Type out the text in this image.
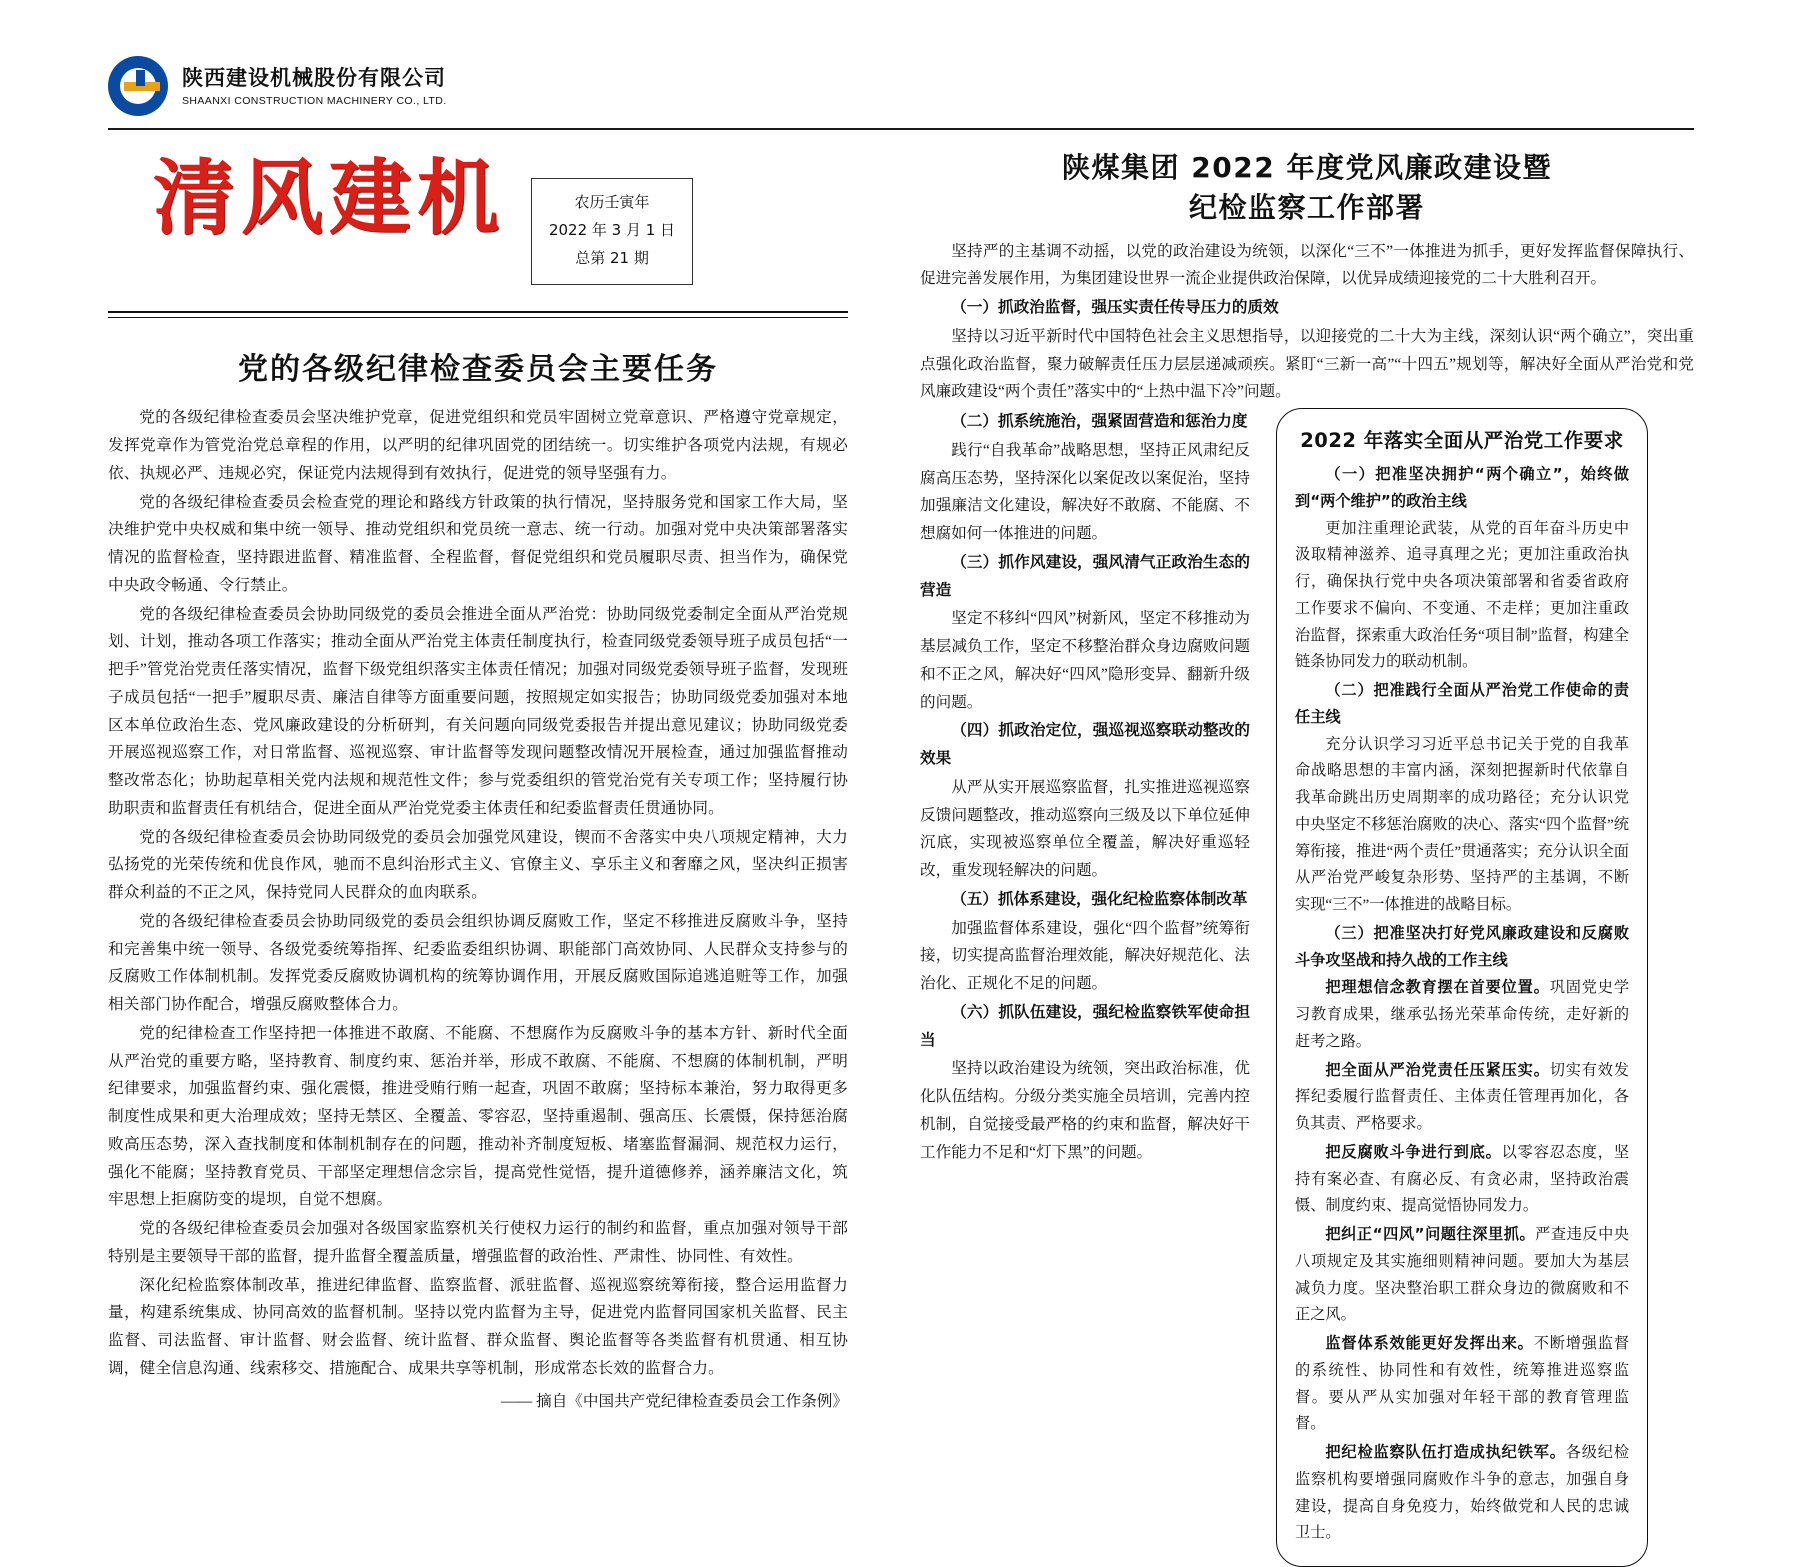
陕西建设机械股份有限公司
SHAANXI CONSTRUCTION MACHINERY CO., LTD.
清风建机	农历壬寅年
2022 年 3 月 1 日
总第 21 期
党的各级纪律检查委员会主要任务

党的各级纪律检查委员会坚决维护党章，促进党组织和党员牢固树立党章意识、严格遵守党章规定，发挥党章作为管党治党总章程的作用，以严明的纪律巩固党的团结统一。切实维护各项党内法规，有规必依、执规必严、违规必究，保证党内法规得到有效执行，促进党的领导坚强有力。

党的各级纪律检查委员会检查党的理论和路线方针政策的执行情况，坚持服务党和国家工作大局，坚决维护党中央权威和集中统一领导、推动党组织和党员统一意志、统一行动。加强对党中央决策部署落实情况的监督检查，坚持跟进监督、精准监督、全程监督，督促党组织和党员履职尽责、担当作为，确保党中央政令畅通、令行禁止。

党的各级纪律检查委员会协助同级党的委员会推进全面从严治党：协助同级党委制定全面从严治党规划、计划，推动各项工作落实；推动全面从严治党主体责任制度执行，检查同级党委领导班子成员包括“一把手”管党治党责任落实情况，监督下级党组织落实主体责任情况；加强对同级党委领导班子监督，发现班子成员包括“一把手”履职尽责、廉洁自律等方面重要问题，按照规定如实报告；协助同级党委加强对本地区本单位政治生态、党风廉政建设的分析研判，有关问题向同级党委报告并提出意见建议；协助同级党委开展巡视巡察工作，对日常监督、巡视巡察、审计监督等发现问题整改情况开展检查，通过加强监督推动整改常态化；协助起草相关党内法规和规范性文件；参与党委组织的管党治党有关专项工作；坚持履行协助职责和监督责任有机结合，促进全面从严治党党委主体责任和纪委监督责任贯通协同。

党的各级纪律检查委员会协助同级党的委员会加强党风建设，锲而不舍落实中央八项规定精神，大力弘扬党的光荣传统和优良作风，驰而不息纠治形式主义、官僚主义、享乐主义和奢靡之风，坚决纠正损害群众利益的不正之风，保持党同人民群众的血肉联系。

党的各级纪律检查委员会协助同级党的委员会组织协调反腐败工作，坚定不移推进反腐败斗争，坚持和完善集中统一领导、各级党委统筹指挥、纪委监委组织协调、职能部门高效协同、人民群众支持参与的反腐败工作体制机制。发挥党委反腐败协调机构的统筹协调作用，开展反腐败国际追逃追赃等工作，加强相关部门协作配合，增强反腐败整体合力。

党的纪律检查工作坚持把一体推进不敢腐、不能腐、不想腐作为反腐败斗争的基本方针、新时代全面从严治党的重要方略，坚持教育、制度约束、惩治并举，形成不敢腐、不能腐、不想腐的体制机制，严明纪律要求，加强监督约束、强化震慑，推进受贿行贿一起查，巩固不敢腐；坚持标本兼治，努力取得更多制度性成果和更大治理成效；坚持无禁区、全覆盖、零容忍，坚持重遏制、强高压、长震慑，保持惩治腐败高压态势，深入查找制度和体制机制存在的问题，推动补齐制度短板、堵塞监督漏洞、规范权力运行，强化不能腐；坚持教育党员、干部坚定理想信念宗旨，提高党性觉悟，提升道德修养，涵养廉洁文化，筑牢思想上拒腐防变的堤坝，自觉不想腐。

党的各级纪律检查委员会加强对各级国家监察机关行使权力运行的制约和监督，重点加强对领导干部特别是主要领导干部的监督，提升监督全覆盖质量，增强监督的政治性、严肃性、协同性、有效性。

深化纪检监察体制改革，推进纪律监督、监察监督、派驻监督、巡视巡察统筹衔接，整合运用监督力量，构建系统集成、协同高效的监督机制。坚持以党内监督为主导，促进党内监督同国家机关监督、民主监督、司法监督、审计监督、财会监督、统计监督、群众监督、舆论监督等各类监督有机贯通、相互协调，健全信息沟通、线索移交、措施配合、成果共享等机制，形成常态长效的监督合力。

—— 摘自《中国共产党纪律检查委员会工作条例》
陕煤集团 2022 年度党风廉政建设暨
纪检监察工作部署

坚持严的主基调不动摇，以党的政治建设为统领，以深化“三不”一体推进为抓手，更好发挥监督保障执行、促进完善发展作用，为集团建设世界一流企业提供政治保障，以优异成绩迎接党的二十大胜利召开。

（一）抓政治监督，强压实责任传导压力的质效

坚持以习近平新时代中国特色社会主义思想指导，以迎接党的二十大为主线，深刻认识“两个确立”，突出重点强化政治监督，聚力破解责任压力层层递减顽疾。紧盯“三新一高”“十四五”规划等，解决好全面从严治党和党风廉政建设“两个责任”落实中的“上热中温下冷”问题。

（二）抓系统施治，强紧固营造和惩治力度

践行“自我革命”战略思想，坚持正风肃纪反腐高压态势，坚持深化以案促改以案促治，坚持加强廉洁文化建设，解决好不敢腐、不能腐、不想腐如何一体推进的问题。

（三）抓作风建设，强风清气正政治生态的营造

坚定不移纠“四风”树新风，坚定不移推动为基层减负工作，坚定不移整治群众身边腐败问题和不正之风，解决好“四风”隐形变异、翻新升级的问题。

（四）抓政治定位，强巡视巡察联动整改的效果

从严从实开展巡察监督，扎实推进巡视巡察反馈问题整改，推动巡察向三级及以下单位延伸沉底，实现被巡察单位全覆盖，解决好重巡轻改，重发现轻解决的问题。

（五）抓体系建设，强化纪检监察体制改革

加强监督体系建设，强化“四个监督”统筹衔接，切实提高监督治理效能，解决好规范化、法治化、正规化不足的问题。

（六）抓队伍建设，强纪检监察铁军使命担当

坚持以政治建设为统领，突出政治标准，优化队伍结构。分级分类实施全员培训，完善内控机制，自觉接受最严格的约束和监督，解决好干工作能力不足和“灯下黑”的问题。

2022 年落实全面从严治党工作要求

（一）把准坚决拥护“两个确立”，始终做到“两个维护”的政治主线

更加注重理论武装，从党的百年奋斗历史中汲取精神滋养、追寻真理之光；更加注重政治执行，确保执行党中央各项决策部署和省委省政府工作要求不偏向、不变通、不走样；更加注重政治监督，探索重大政治任务“项目制”监督，构建全链条协同发力的联动机制。

（二）把准践行全面从严治党工作使命的责任主线

充分认识学习习近平总书记关于党的自我革命战略思想的丰富内涵，深刻把握新时代依靠自我革命跳出历史周期率的成功路径；充分认识党中央坚定不移惩治腐败的决心、落实“四个监督”统筹衔接，推进“两个责任”贯通落实；充分认识全面从严治党严峻复杂形势、坚持严的主基调，不断实现“三不”一体推进的战略目标。

（三）把准坚决打好党风廉政建设和反腐败斗争攻坚战和持久战的工作主线

把理想信念教育摆在首要位置。巩固党史学习教育成果，继承弘扬光荣革命传统，走好新的赶考之路。

把全面从严治党责任压紧压实。切实有效发挥纪委履行监督责任、主体责任管理再加化，各负其责、严格要求。

把反腐败斗争进行到底。以零容忍态度，坚持有案必查、有腐必反、有贪必肃，坚持政治震慑、制度约束、提高觉悟协同发力。

把纠正“四风”问题往深里抓。严查违反中央八项规定及其实施细则精神问题。要加大为基层减负力度。坚决整治职工群众身边的微腐败和不正之风。

监督体系效能更好发挥出来。不断增强监督的系统性、协同性和有效性，统筹推进巡察监督。要从严从实加强对年轻干部的教育管理监督。

把纪检监察队伍打造成执纪铁军。各级纪检监察机构要增强同腐败作斗争的意志，加强自身建设，提高自身免疫力，始终做党和人民的忠诚卫士。
